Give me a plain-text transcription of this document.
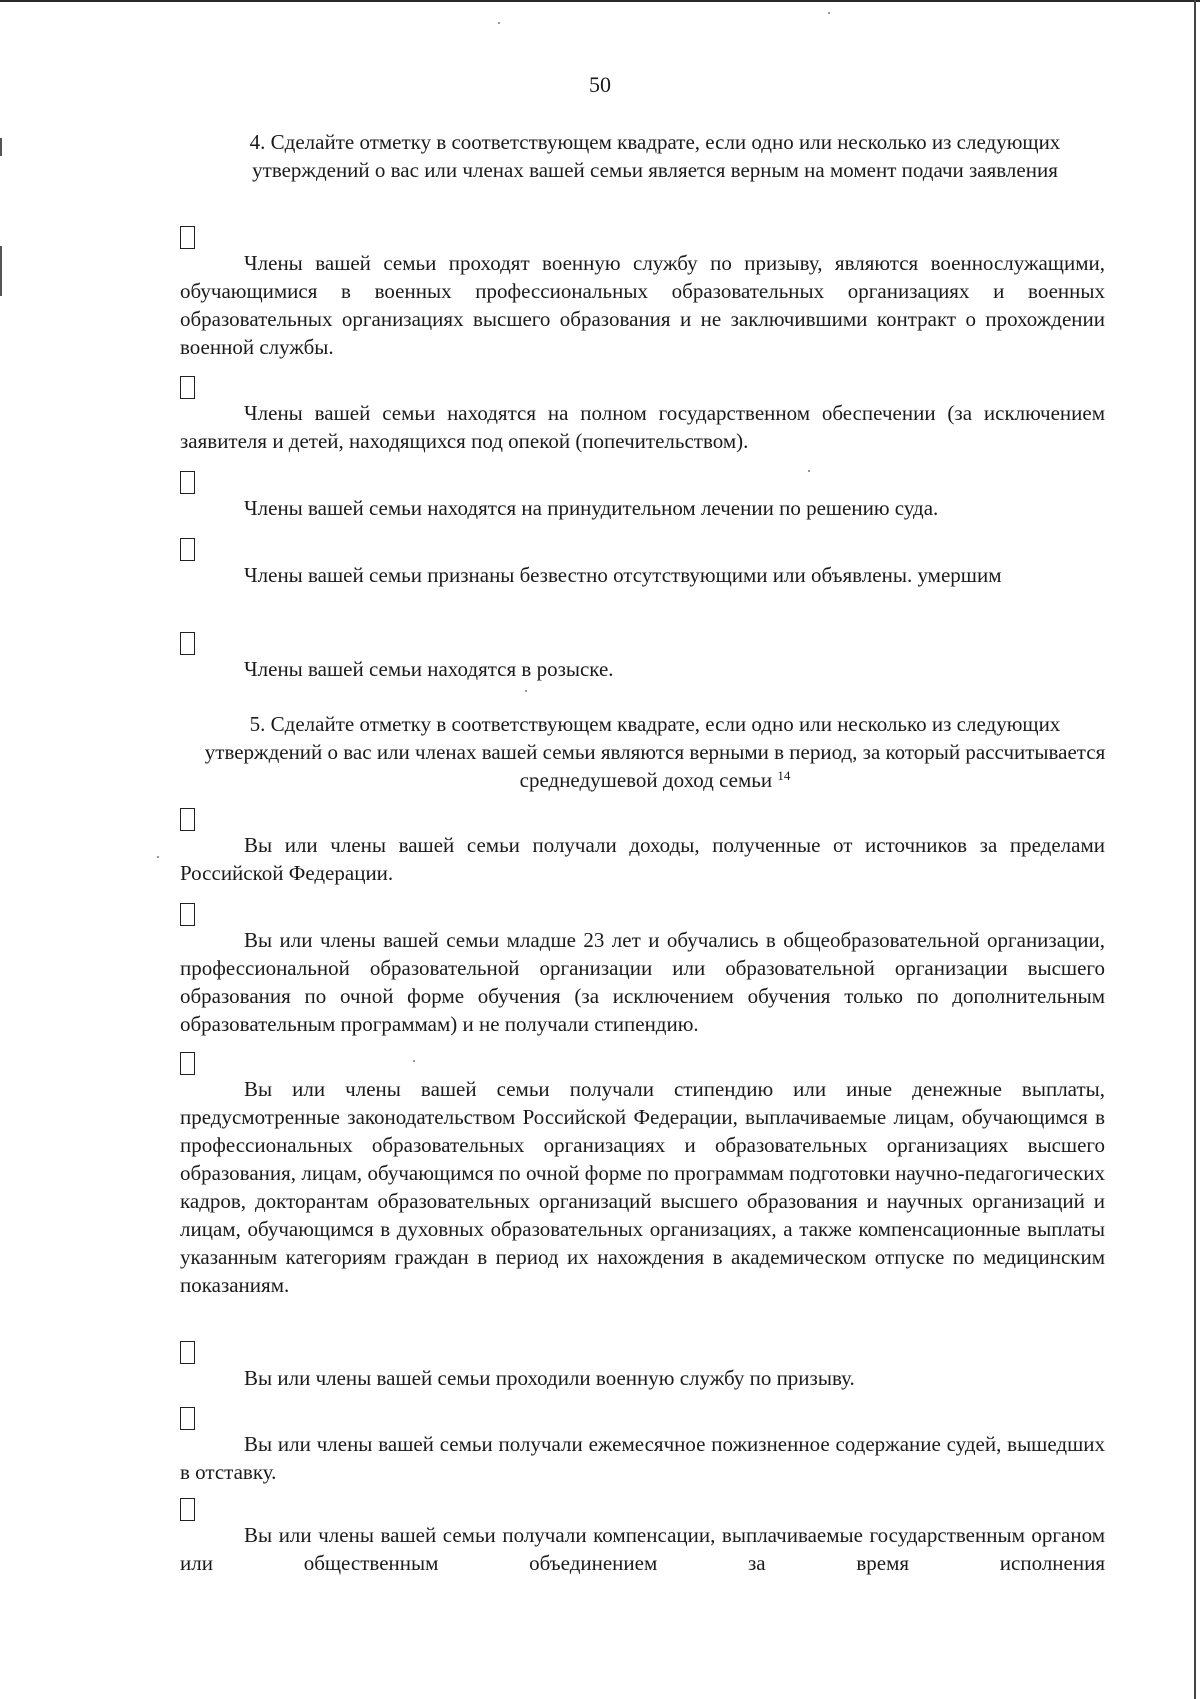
50
4. Сделайте отметку в соответствующем квадрате, если одно или несколько из следующих утверждений о вас или членах вашей семьи является верным на момент подачи заявления

Члены вашей семьи проходят военную службу по призыву, являются военнослужащими, обучающимися в военных профессиональных образовательных организациях и военных образовательных организациях высшего образования и не заключившими контракт о прохождении военной службы.

Члены вашей семьи находятся на полном государственном обеспечении (за исключением заявителя и детей, находящихся под опекой (попечительством).

Члены вашей семьи находятся на принудительном лечении по решению суда.

Члены вашей семьи признаны безвестно отсутствующими или объявлены. умершим

Члены вашей семьи находятся в розыске.

5. Сделайте отметку в соответствующем квадрате, если одно или несколько из следующих утверждений о вас или членах вашей семьи являются верными в период, за который рассчитывается среднедушевой доход семьи $^{14}$

Вы или члены вашей семьи получали доходы, полученные от источников за пределами Российской Федерации.

Вы или члены вашей семьи младше 23 лет и обучались в общеобразовательной организации, профессиональной образовательной организации или образовательной организации высшего образования по очной форме обучения (за исключением обучения только по дополнительным образовательным программам) и не получали стипендию.

Вы или члены вашей семьи получали стипендию или иные денежные выплаты, предусмотренные законодательством Российской Федерации, выплачиваемые лицам, обучающимся в профессиональных образовательных организациях и образовательных организациях высшего образования, лицам, обучающимся по очной форме по программам подготовки научно-педагогических кадров, докторантам образовательных организаций высшего образования и научных организаций и лицам, обучающимся в духовных образовательных организациях, а также компенсационные выплаты указанным категориям граждан в период их нахождения в академическом отпуске по медицинским показаниям.

Вы или члены вашей семьи проходили военную службу по призыву.

Вы или члены вашей семьи получали ежемесячное пожизненное содержание судей, вышедших в отставку.

Вы или члены вашей семьи получали компенсации, выплачиваемые государственным органом или общественным объединением за время исполнения
